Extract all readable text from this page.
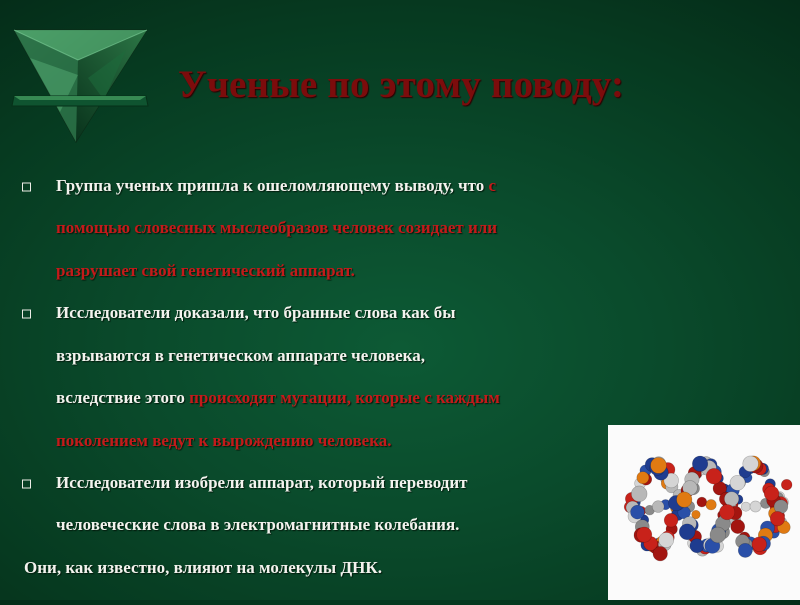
Ученые по этому поводу:
Группа ученых пришла к ошеломляющему выводу, что с
помощью словесных мыслеобразов человек созидает или
разрушает свой генетический аппарат.
Исследователи доказали, что бранные слова как бы
взрываются в генетическом аппарате человека,
вследствие этого происходят мутации, которые с каждым
поколением ведут к вырождению человека.
Исследователи изобрели аппарат, который переводит
человеческие слова в электромагнитные колебания.
Они, как известно, влияют на молекулы ДНК.
